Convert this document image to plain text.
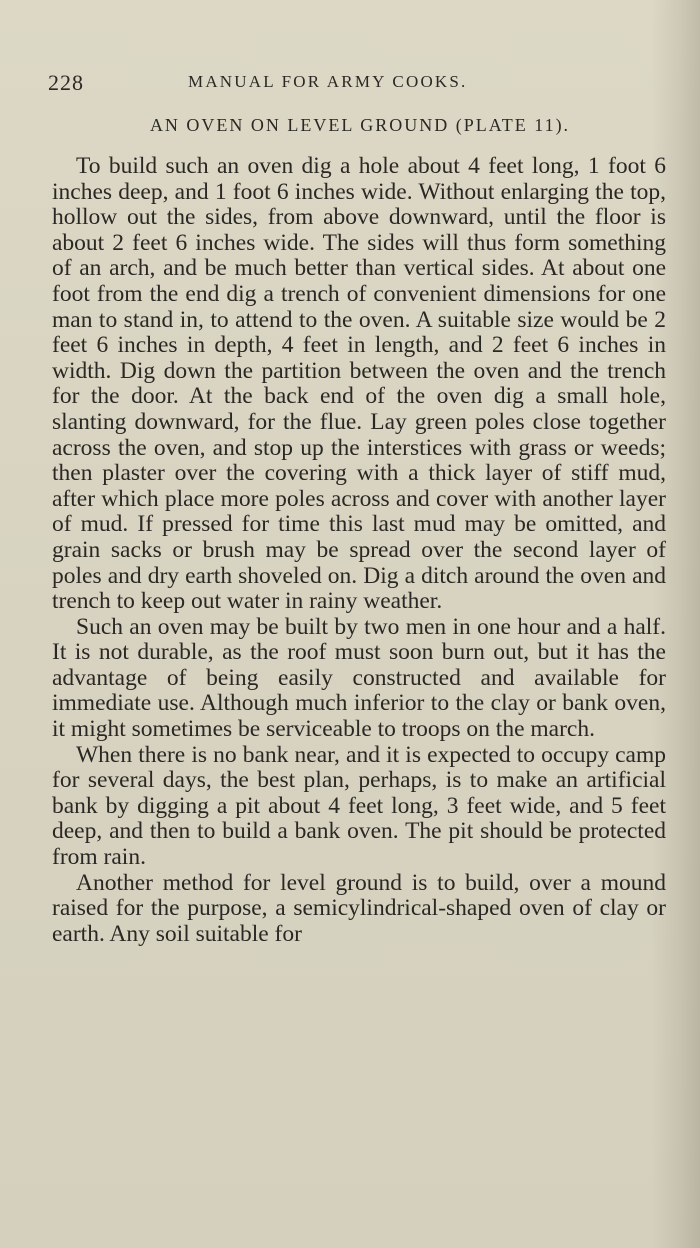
228	MANUAL FOR ARMY COOKS.
AN OVEN ON LEVEL GROUND (PLATE 11).

To build such an oven dig a hole about 4 feet long, 1 foot 6 inches deep, and 1 foot 6 inches wide. Without enlarging the top, hollow out the sides, from above downward, until the floor is about 2 feet 6 inches wide. The sides will thus form something of an arch, and be much better than vertical sides. At about one foot from the end dig a trench of convenient dimensions for one man to stand in, to attend to the oven. A suitable size would be 2 feet 6 inches in depth, 4 feet in length, and 2 feet 6 inches in width. Dig down the partition between the oven and the trench for the door. At the back end of the oven dig a small hole, slanting downward, for the flue. Lay green poles close together across the oven, and stop up the interstices with grass or weeds; then plaster over the covering with a thick layer of stiff mud, after which place more poles across and cover with another layer of mud. If pressed for time this last mud may be omitted, and grain sacks or brush may be spread over the second layer of poles and dry earth shoveled on. Dig a ditch around the oven and trench to keep out water in rainy weather.

Such an oven may be built by two men in one hour and a half. It is not durable, as the roof must soon burn out, but it has the advantage of being easily constructed and available for immediate use. Although much inferior to the clay or bank oven, it might sometimes be serviceable to troops on the march.

When there is no bank near, and it is expected to occupy camp for several days, the best plan, perhaps, is to make an artificial bank by digging a pit about 4 feet long, 3 feet wide, and 5 feet deep, and then to build a bank oven. The pit should be protected from rain.

Another method for level ground is to build, over a mound raised for the purpose, a semicylindrical-shaped oven of clay or earth. Any soil suitable for
